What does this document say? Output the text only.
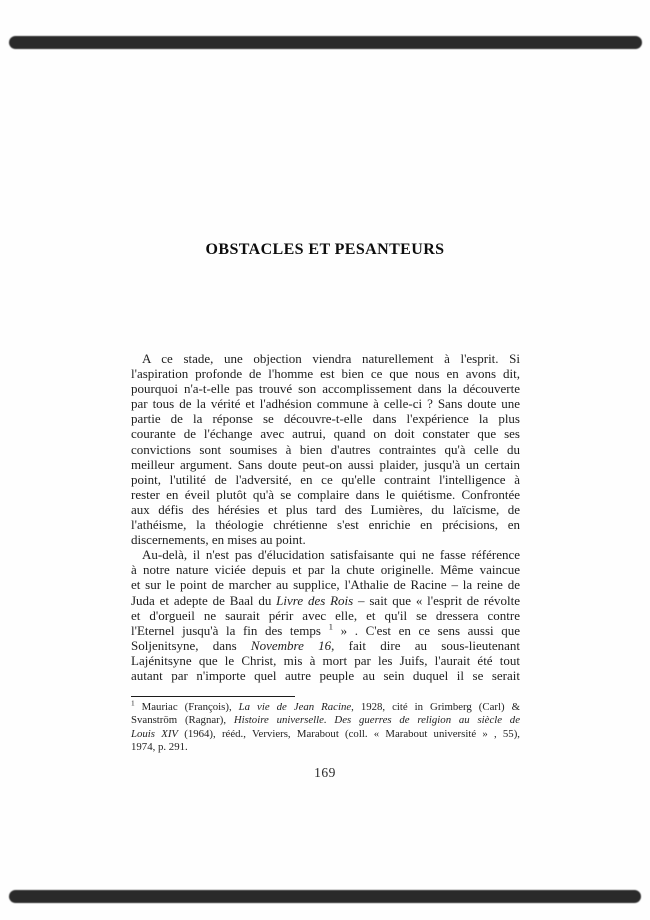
OBSTACLES ET PESANTEURS
A ce stade, une objection viendra naturellement à l'esprit. Si
l'aspiration profonde de l'homme est bien ce que nous en avons dit,
pourquoi n'a-t-elle pas trouvé son accomplissement dans la découverte
par tous de la vérité et l'adhésion commune à celle-ci ? Sans doute une
partie de la réponse se découvre-t-elle dans l'expérience la plus
courante de l'échange avec autrui, quand on doit constater que ses
convictions sont soumises à bien d'autres contraintes qu'à celle du
meilleur argument. Sans doute peut-on aussi plaider, jusqu'à un certain
point, l'utilité de l'adversité, en ce qu'elle contraint l'intelligence à
rester en éveil plutôt qu'à se complaire dans le quiétisme. Confrontée
aux défis des hérésies et plus tard des Lumières, du laïcisme, de
l'athéisme, la théologie chrétienne s'est enrichie en précisions, en
discernements, en mises au point.
Au-delà, il n'est pas d'élucidation satisfaisante qui ne fasse référence
à notre nature viciée depuis et par la chute originelle. Même vaincue
et sur le point de marcher au supplice, l'Athalie de Racine – la reine de
Juda et adepte de Baal du Livre des Rois – sait que « l'esprit de révolte
et d'orgueil ne saurait périr avec elle, et qu'il se dressera contre
l'Eternel jusqu'à la fin des temps $^1$ » . C'est en ce sens aussi que
Soljenitsyne, dans Novembre 16, fait dire au sous-lieutenant
Lajénitsyne que le Christ, mis à mort par les Juifs, l'aurait été tout
autant par n'importe quel autre peuple au sein duquel il se serait
$^1$ Mauriac (François), La vie de Jean Racine, 1928, cité in Grimberg (Carl) &
Svanström (Ragnar), Histoire universelle. Des guerres de religion au siècle de
Louis XIV (1964), rééd., Verviers, Marabout (coll. « Marabout université » , 55),
1974, p. 291.
169
